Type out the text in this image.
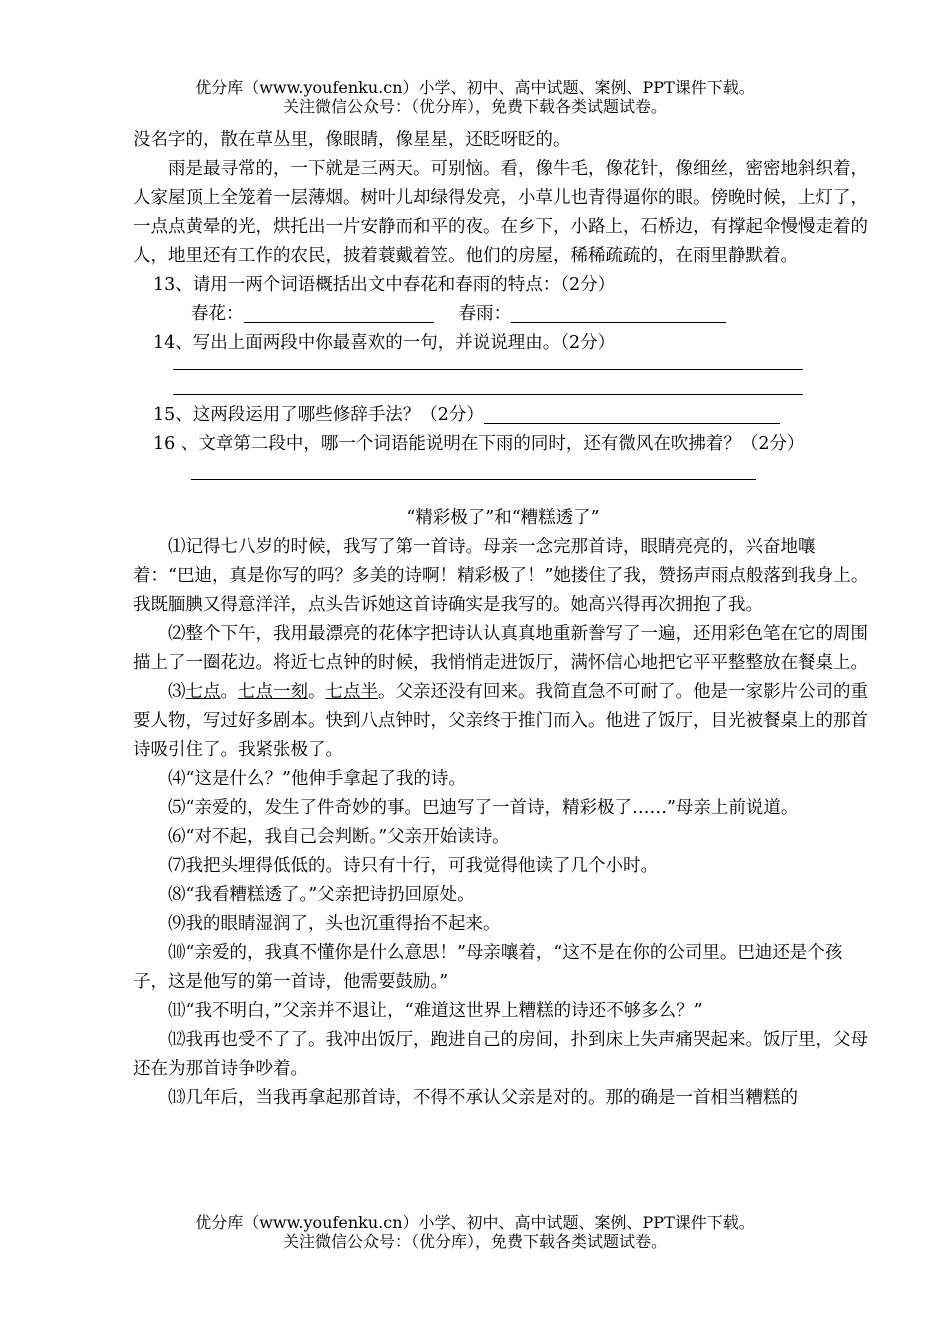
优分库（www.youfenku.cn）小学、初中、高中试题、案例、PPT课件下载。
关注微信公众号：（优分库），免费下载各类试题试卷。

没名字的，散在草丛里，像眼睛，像星星，还眨呀眨的。

雨是最寻常的，一下就是三两天。可别恼。看，像牛毛，像花针，像细丝，密密地斜织着，人家屋顶上全笼着一层薄烟。树叶儿却绿得发亮，小草儿也青得逼你的眼。傍晚时候，上灯了，一点点黄晕的光，烘托出一片安静而和平的夜。在乡下，小路上，石桥边，有撑起伞慢慢走着的人，地里还有工作的农民，披着蓑戴着笠。他们的房屋，稀稀疏疏的，在雨里静默着。

13、请用一两个词语概括出文中春花和春雨的特点：（2分）

春花：	春雨：

14、写出上面两段中你最喜欢的一句，并说说理由。（2分）

15、这两段运用了哪些修辞手法？（2分）

16 、文章第二段中，哪一个词语能说明在下雨的同时，还有微风在吹拂着？（2分）

“精彩极了”和“糟糕透了”

⑴记得七八岁的时候，我写了第一首诗。母亲一念完那首诗，眼睛亮亮的，兴奋地嚷着：“巴迪，真是你写的吗？多美的诗啊！精彩极了！”她搂住了我，赞扬声雨点般落到我身上。我既腼腆又得意洋洋，点头告诉她这首诗确实是我写的。她高兴得再次拥抱了我。

⑵整个下午，我用最漂亮的花体字把诗认认真真地重新誊写了一遍，还用彩色笔在它的周围描上了一圈花边。将近七点钟的时候，我悄悄走进饭厅，满怀信心地把它平平整整放在餐桌上。

⑶七点。七点一刻。七点半。父亲还没有回来。我简直急不可耐了。他是一家影片公司的重要人物，写过好多剧本。快到八点钟时，父亲终于推门而入。他进了饭厅，目光被餐桌上的那首诗吸引住了。我紧张极了。

⑷“这是什么？”他伸手拿起了我的诗。

⑸“亲爱的，发生了件奇妙的事。巴迪写了一首诗，精彩极了……”母亲上前说道。

⑹“对不起，我自己会判断。”父亲开始读诗。

⑺我把头埋得低低的。诗只有十行，可我觉得他读了几个小时。

⑻“我看糟糕透了。”父亲把诗扔回原处。

⑼我的眼睛湿润了，头也沉重得抬不起来。

⑽“亲爱的，我真不懂你是什么意思！”母亲嚷着，“这不是在你的公司里。巴迪还是个孩子，这是他写的第一首诗，他需要鼓励。”

⑾“我不明白，”父亲并不退让，“难道这世界上糟糕的诗还不够多么？”

⑿我再也受不了了。我冲出饭厅，跑进自己的房间，扑到床上失声痛哭起来。饭厅里，父母还在为那首诗争吵着。

⒀几年后，当我再拿起那首诗，不得不承认父亲是对的。那的确是一首相当糟糕的

优分库（www.youfenku.cn）小学、初中、高中试题、案例、PPT课件下载。
关注微信公众号：（优分库），免费下载各类试题试卷。
